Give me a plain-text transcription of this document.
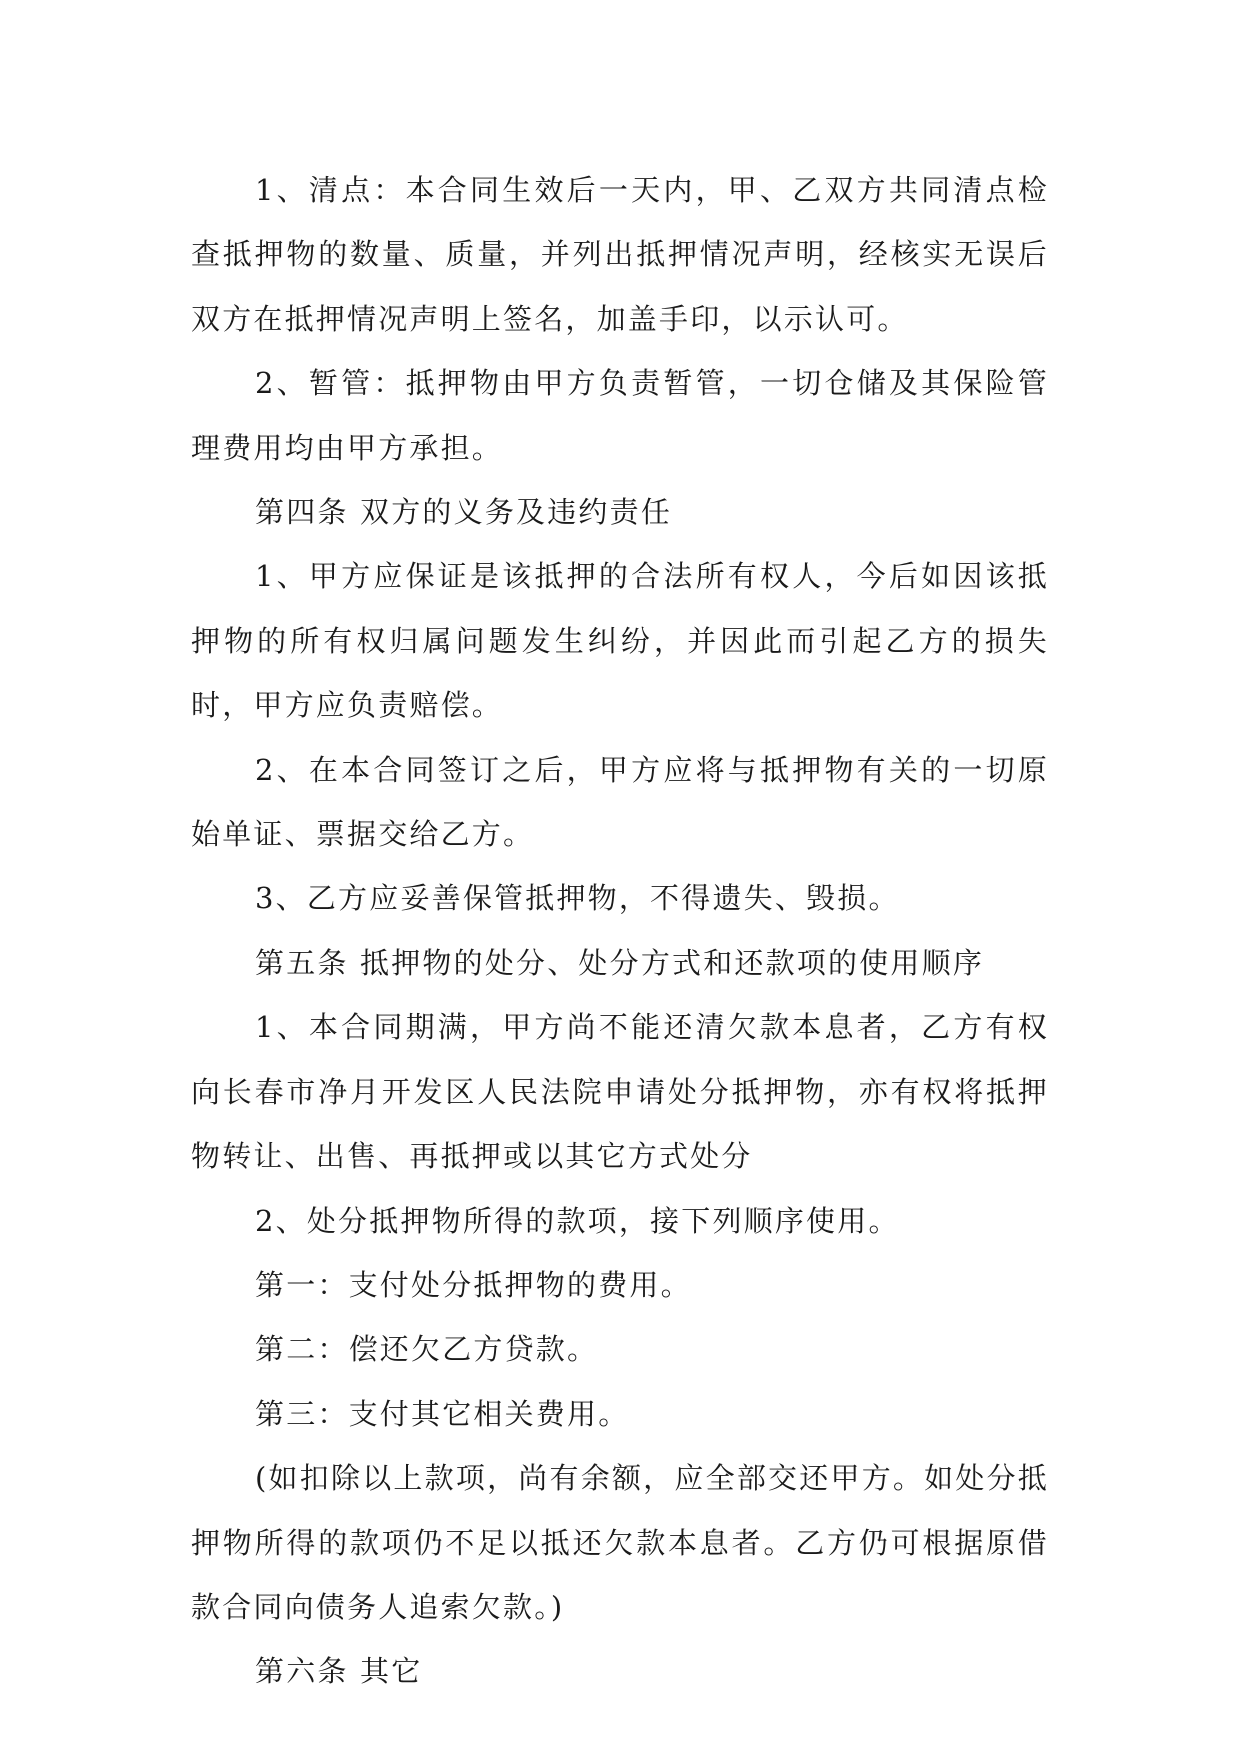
1、清点：本合同生效后一天内，甲、乙双方共同清点检查抵押物的数量、质量，并列出抵押情况声明，经核实无误后双方在抵押情况声明上签名，加盖手印，以示认可。

2、暂管：抵押物由甲方负责暂管，一切仓储及其保险管理费用均由甲方承担。

第四条 双方的义务及违约责任

1、甲方应保证是该抵押的合法所有权人，今后如因该抵押物的所有权归属问题发生纠纷，并因此而引起乙方的损失时，甲方应负责赔偿。

2、在本合同签订之后，甲方应将与抵押物有关的一切原始单证、票据交给乙方。

3、乙方应妥善保管抵押物，不得遗失、毁损。

第五条 抵押物的处分、处分方式和还款项的使用顺序

1、本合同期满，甲方尚不能还清欠款本息者，乙方有权向长春市净月开发区人民法院申请处分抵押物，亦有权将抵押物转让、出售、再抵押或以其它方式处分

2、处分抵押物所得的款项，接下列顺序使用。

第一：支付处分抵押物的费用。

第二：偿还欠乙方贷款。

第三：支付其它相关费用。

(如扣除以上款项，尚有余额，应全部交还甲方。如处分抵押物所得的款项仍不足以抵还欠款本息者。乙方仍可根据原借款合同向债务人追索欠款。)

第六条 其它
